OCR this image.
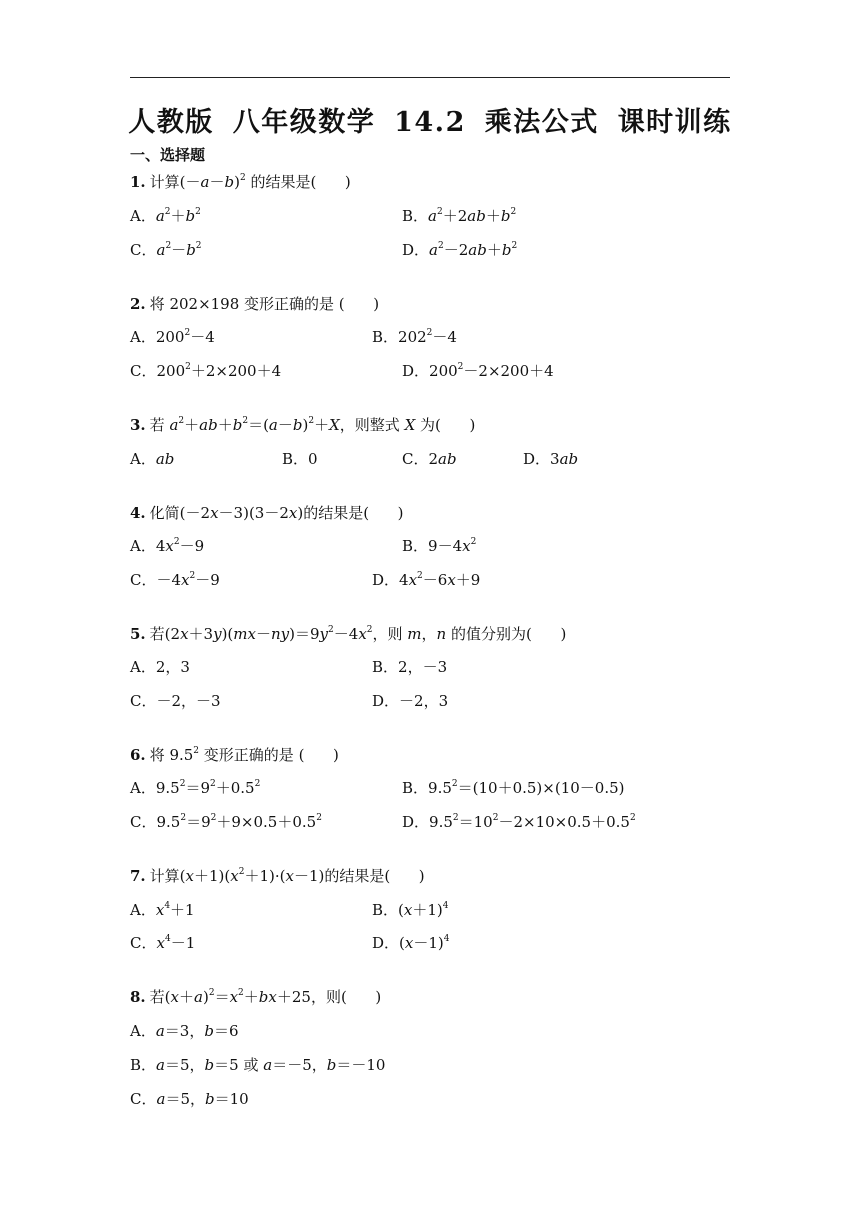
人教版 八年级数学 14.2 乘法公式 课时训练
一、选择题
1. 计算$(-a-b)^2$ 的结果是(      )
A．$a^2+b^2$	B．$a^2+2ab+b^2$
C．$a^2-b^2$	D．$a^2-2ab+b^2$
2. 将 202×198 变形正确的是 (      )
A．$200^2-4$	B．$202^2-4$
C．$200^2+2\times 200+4$	D．$200^2-2\times 200+4$
3. 若 $a^2+ab+b^2=(a-b)^2+X$，则整式 X 为(      )
A．ab	B．0	C．2ab	D．3ab
4. 化简(－2x－3)(3－2x)的结果是(      )
A．$4x^2-9$	B．$9-4x^2$
C．$-4x^2-9$	D．$4x^2-6x+9$
5. 若$(2x+3y)(mx-ny)=9y^2-4x^2$，则 m，n 的值分别为(      )
A．2，3	B．2，－3
C．－2，－3	D．－2，3
6. 将 $9.5^2$ 变形正确的是 (      )
A．$9.5^2=9^2+0.5^2$	B．$9.5^2=(10+0.5)\times(10-0.5)$
C．$9.5^2=9^2+9\times 0.5+0.5^2$	D．$9.5^2=10^2-2\times 10\times 0.5+0.5^2$
7. 计算$(x+1)(x^2+1)\cdot(x-1)$的结果是(      )
A．$x^4+1$	B．$(x+1)^4$
C．$x^4-1$	D．$(x-1)^4$
8. 若$(x+a)^2=x^2+bx+25$，则(      )
A．a＝3，b＝6
B．a＝5，b＝5 或 a＝－5，b＝－10
C．a＝5，b＝10
